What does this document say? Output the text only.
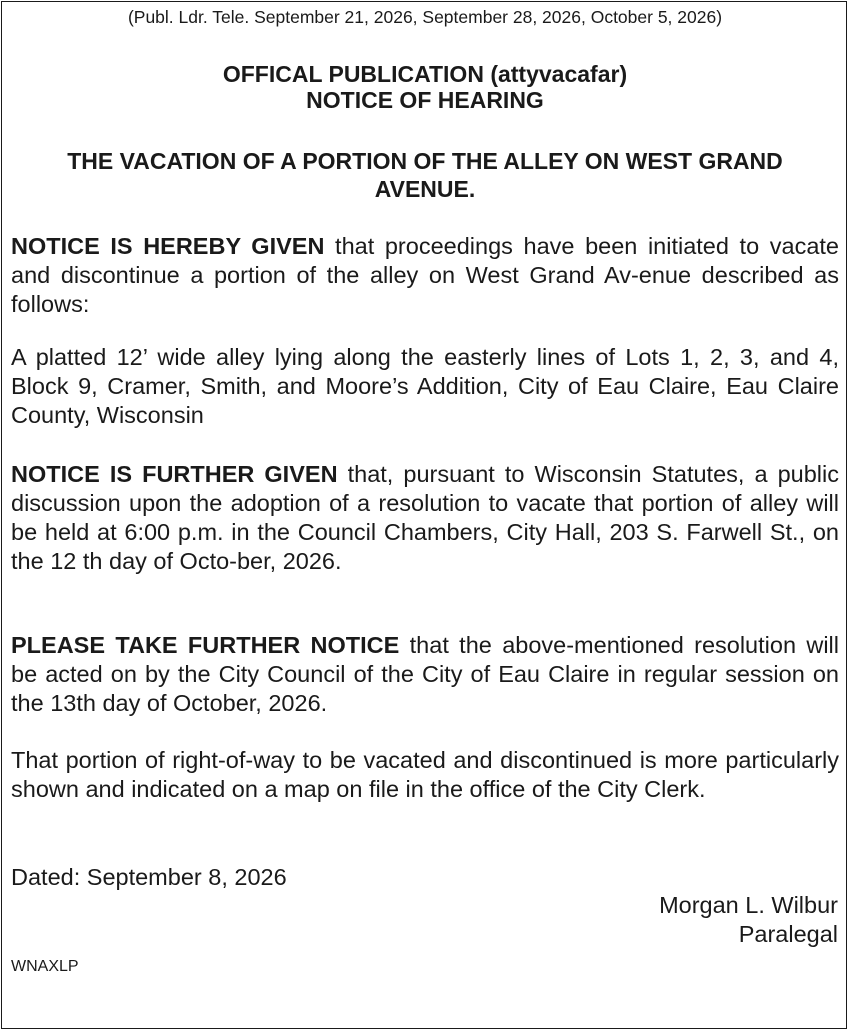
(Publ. Ldr. Tele. September 21, 2026, September 28, 2026, October 5, 2026)
OFFICAL PUBLICATION (attyvacafar)
NOTICE OF HEARING
THE VACATION OF A PORTION OF THE ALLEY ON WEST GRAND AVENUE.
NOTICE IS HEREBY GIVEN that proceedings have been initiated to vacate and discontinue a portion of the alley on West Grand Av-enue described as follows:
A platted 12’ wide alley lying along the easterly lines of Lots 1, 2, 3, and 4, Block 9, Cramer, Smith, and Moore’s Addition, City of Eau Claire, Eau Claire County, Wisconsin
NOTICE IS FURTHER GIVEN that, pursuant to Wisconsin Statutes, a public discussion upon the adoption of a resolution to vacate that portion of alley will be held at 6:00 p.m. in the Council Chambers, City Hall, 203 S. Farwell St., on the 12 th day of Octo-ber, 2026.
PLEASE TAKE FURTHER NOTICE that the above-mentioned resolution will be acted on by the City Council of the City of Eau Claire in regular session on the 13th day of October, 2026.
That portion of right-of-way to be vacated and discontinued is more particularly shown and indicated on a map on file in the office of the City Clerk.
Dated: September 8, 2026
Morgan L. Wilbur
Paralegal
WNAXLP
